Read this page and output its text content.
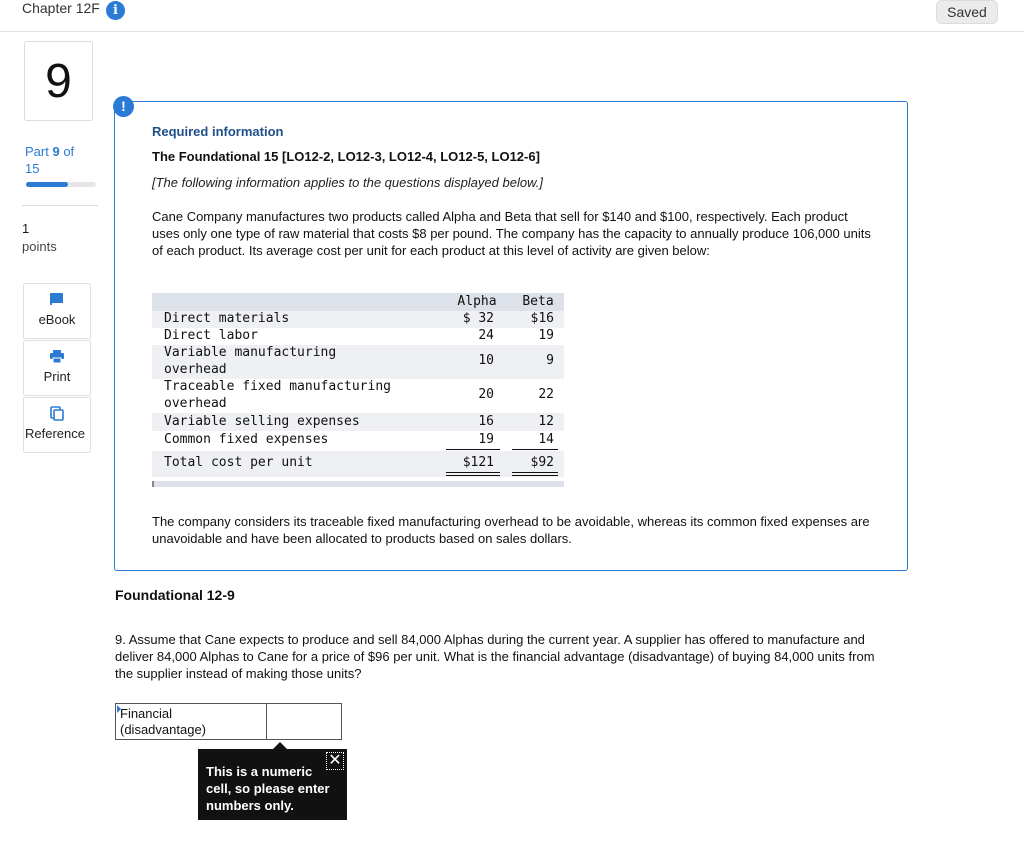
Chapter 12F	i	Saved
9
Part 9 of
15
1
points
eBook
Print
Reference
!
Required information
The Foundational 15 [LO12-2, LO12-3, LO12-4, LO12-5, LO12-6]
[The following information applies to the questions displayed below.]
Cane Company manufactures two products called Alpha and Beta that sell for $140 and $100, respectively. Each product uses only one type of raw material that costs $8 per pound. The company has the capacity to annually produce 106,000 units of each product. Its average cost per unit for each product at this level of activity are given below:
Alpha	Beta
Direct materials	$ 32	$16
Direct labor	24	19
Variable manufacturing
overhead
10	9
Traceable fixed manufacturing
overhead
20	22
Variable selling expenses	16	12
Common fixed expenses	19	14
Total cost per unit	$121	$92
The company considers its traceable fixed manufacturing overhead to be avoidable, whereas its common fixed expenses are unavoidable and have been allocated to products based on sales dollars.
Foundational 12-9
9. Assume that Cane expects to produce and sell 84,000 Alphas during the current year. A supplier has offered to manufacture and deliver 84,000 Alphas to Cane for a price of $96 per unit. What is the financial advantage (disadvantage) of buying 84,000 units from the supplier instead of making those units?
Financial
(disadvantage)
This is a numeric cell, so please enter numbers only.
✕
